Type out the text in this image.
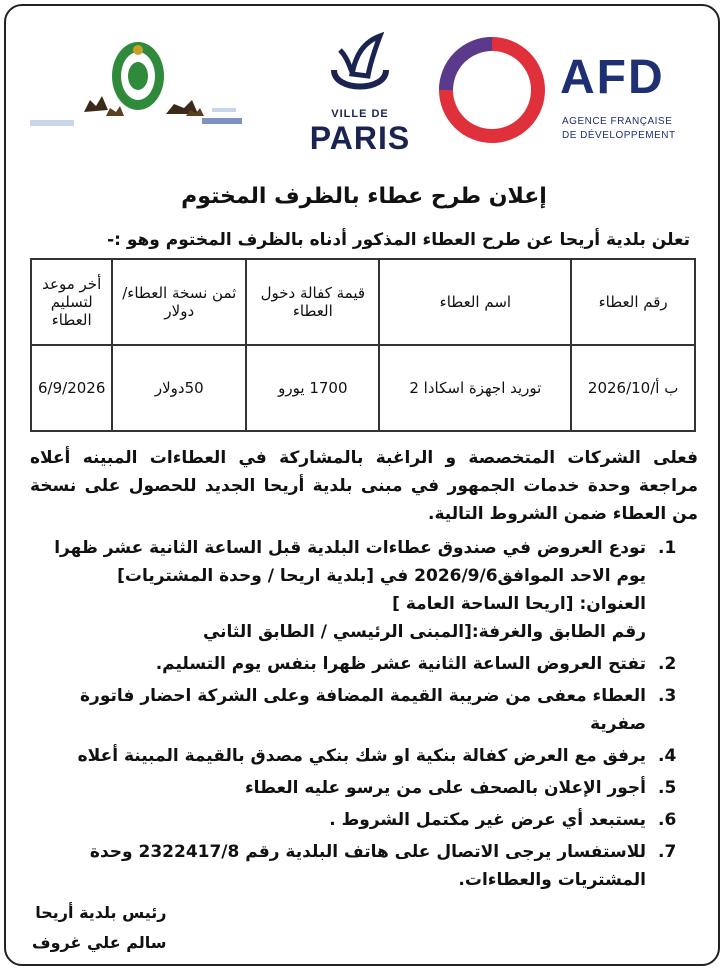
VILLE DE
PARIS
AFD
AGENCE FRANÇAISE
DE DÉVELOPPEMENT
إعلان طرح عطاء بالظرف المختوم
تعلن بلدية أريحا عن طرح العطاء المذكور أدناه بالظرف المختوم وهو :-
رقم العطاء	اسم العطاء	قيمة كفالة دخول العطاء	ثمن نسخة العطاء/دولار	أخر موعد لتسليم العطاء
ب أ/2026/10	توريد اجهزة اسكادا 2	1700 يورو	50دولار	6/9/2026

فعلى الشركات المتخصصة و الراغبة بالمشاركة في العطاءات المبينه أعلاه مراجعة وحدة خدمات الجمهور في مبنى بلدية أريحا الجديد للحصول على نسخة من العطاء ضمن الشروط التالية.

1.
تودع العروض في صندوق عطاءات البلدية قبل الساعة الثانية عشر ظهرا يوم الاحد الموافق2026/9/6 في [بلدية اريحا / وحدة المشتريات]
العنوان: [اريحا الساحة العامة ]
رقم الطابق والغرفة:[المبنى الرئيسي / الطابق الثاني
2.
تفتح العروض الساعة الثانية عشر ظهرا بنفس يوم التسليم.
3.
العطاء معفى من ضريبة القيمة المضافة وعلى الشركة احضار فاتورة صفرية
4.
يرفق مع العرض كفالة بنكية او شك بنكي مصدق بالقيمة المبينة أعلاه
5.
أجور الإعلان بالصحف على من يرسو عليه العطاء
6.
يستبعد أي عرض غير مكتمل الشروط .
7.
للاستفسار يرجى الاتصال على هاتف البلدية رقم 2322417/8 وحدة المشتريات والعطاءات.
رئيس بلدية أريحا
سالم علي غروف
